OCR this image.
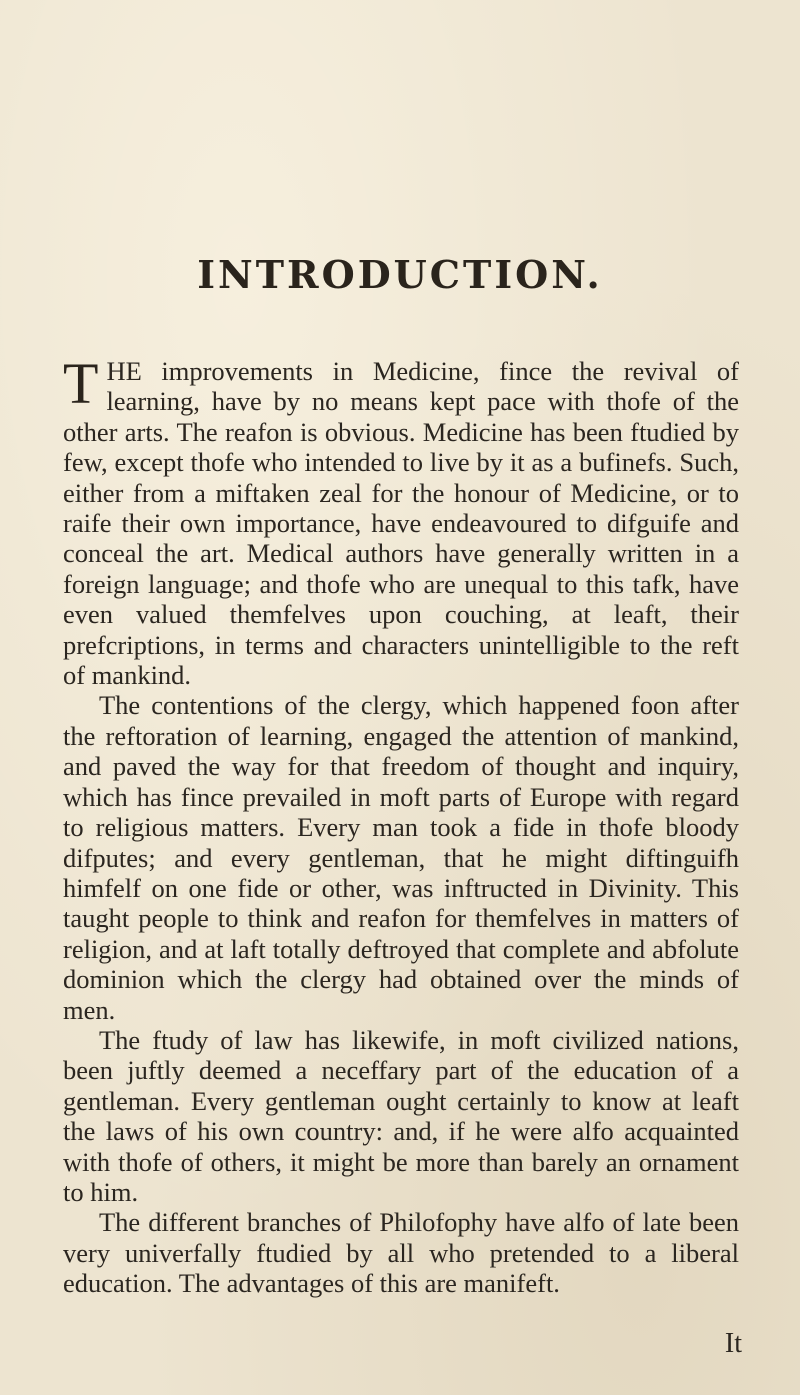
INTRODUCTION.

THE improvements in Medicine, fince the revival of learning, have by no means kept pace with thofe of the other arts. The reafon is obvious. Medicine has been ftudied by few, except thofe who intended to live by it as a bufinefs. Such, either from a miftaken zeal for the honour of Medicine, or to raife their own importance, have endeavoured to difguife and conceal the art. Medical authors have generally written in a foreign language; and thofe who are unequal to this tafk, have even valued themfelves upon couching, at leaft, their prefcriptions, in terms and characters unintelligible to the reft of mankind.

The contentions of the clergy, which happened foon after the reftoration of learning, engaged the attention of mankind, and paved the way for that freedom of thought and inquiry, which has fince prevailed in moft parts of Europe with regard to religious matters. Every man took a fide in thofe bloody difputes; and every gentleman, that he might diftinguifh himfelf on one fide or other, was inftructed in Divinity. This taught people to think and reafon for themfelves in matters of religion, and at laft totally deftroyed that complete and abfolute dominion which the clergy had obtained over the minds of men.

The ftudy of law has likewife, in moft civilized nations, been juftly deemed a neceffary part of the education of a gentleman. Every gentleman ought certainly to know at leaft the laws of his own country: and, if he were alfo acquainted with thofe of others, it might be more than barely an ornament to him.

The different branches of Philofophy have alfo of late been very univerfally ftudied by all who pretended to a liberal education. The advantages of this are manifeft.

It
